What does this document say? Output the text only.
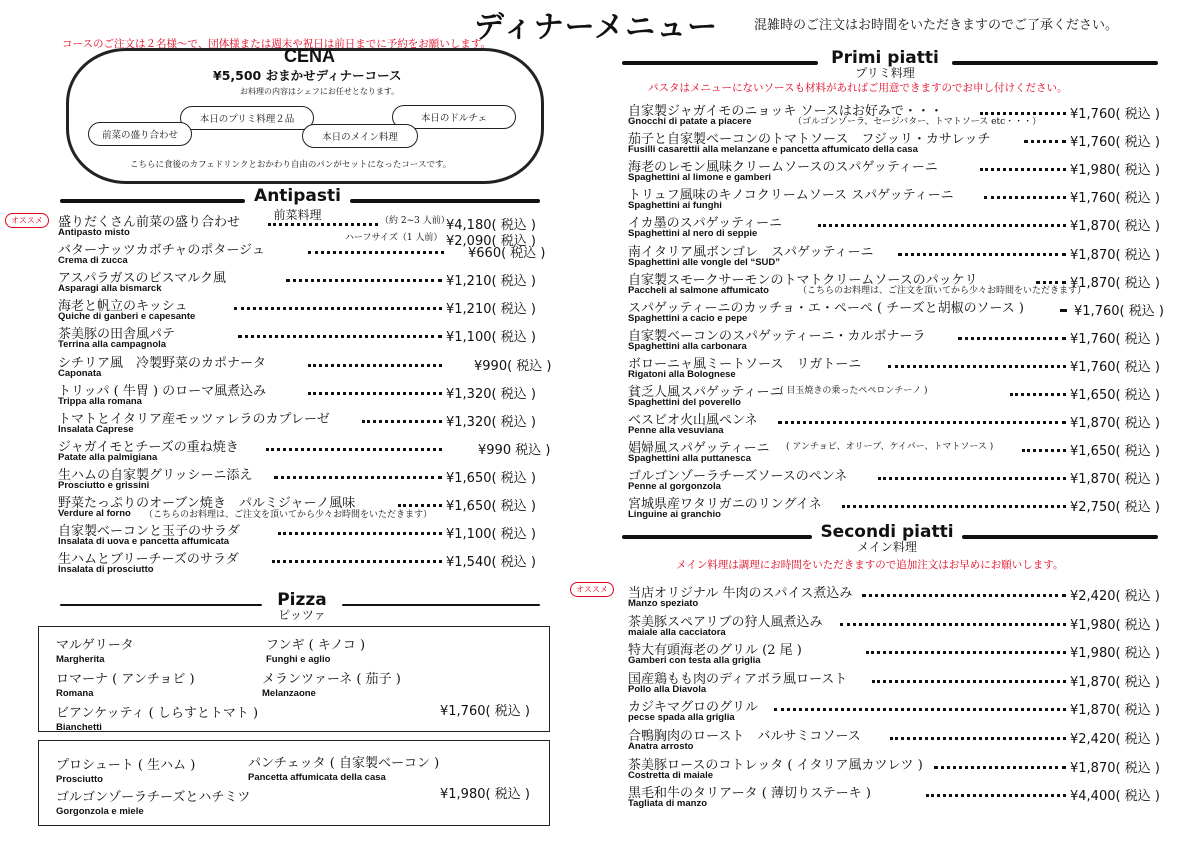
ディナーメニュー	混雑時のご注文はお時間をいただきますのでご了承ください。
コースのご注文は２名様〜で、団体様または週末や祝日は前日までに予約をお願いします。
CENA
¥5,500 おまかせディナーコース
お料理の内容はシェフにお任せとなります。
本日のプリミ料理２品	本日のドルチェ
前菜の盛り合わせ	本日のメイン料理
こちらに食後のカフェドリンクとおかわり自由のパンがセットになったコースです。
Antipasti
前菜料理
オススメ	盛りだくさん前菜の盛り合わせ
Antipasto misto	¥4,180( 税込 )
（約 2~3 人前）
ハーフサイズ（1 人前） ¥2,090( 税込 )
バターナッツカボチャのポタージュ
Crema di zucca	¥660( 税込 )
アスパラガスのビスマルク風
Asparagi alla bismarck	¥1,210( 税込 )
海老と帆立のキッシュ
Quiche di ganberi e capesante	¥1,210( 税込 )
茶美豚の田舎風パテ
Terrina alla campagnola	¥1,100( 税込 )
シチリア風　冷製野菜のカポナータ
Caponata	¥990( 税込 )
トリッパ ( 牛胃 ) のローマ風煮込み
Trippa alla romana	¥1,320( 税込 )
トマトとイタリア産モッツァレラのカプレーゼ
Insalata Caprese	¥1,320( 税込 )
ジャガイモとチーズの重ね焼き
Patate alla palmigiana	¥990 税込 )
生ハムの自家製グリッシーニ添え
Prosciutto e grissini	¥1,650( 税込 )
野菜たっぷりのオーブン焼き　パルミジャーノ風味
Verdure al forno	¥1,650( 税込 )
（こちらのお料理は、ご注文を頂いてから少々お時間をいただきます）
自家製ベーコンと玉子のサラダ
Insalata di uova e pancetta affumicata	¥1,100( 税込 )
生ハムとブリーチーズのサラダ
Insalata di prosciutto	¥1,540( 税込 )
Pizza
ピッツァ
マルゲリータ
Margherita
フンギ ( キノコ )
Funghi e aglio
ロマーナ ( アンチョビ )
Romana
メランツァーネ ( 茄子 )
Melanzaone
ビアンケッティ ( しらすとトマト )
Bianchetti
¥1,760( 税込 )
プロシュート ( 生ハム )
Prosciutto
パンチェッタ ( 自家製ベーコン )
Pancetta affumicata della casa
ゴルゴンゾーラチーズとハチミツ
Gorgonzola e miele
¥1,980( 税込 )
Primi piatti
プリミ料理
パスタはメニューにないソースも材料があればご用意できますのでお申し付けください。
自家製ジャガイモのニョッキ ソースはお好みで・・・
Gnocchi di patate a piacere	¥1,760( 税込 )
（ゴルゴンゾーラ、セージバター、トマトソース etc・・・）
茄子と自家製ベーコンのトマトソース　フジッリ・カサレッチ
Fusilli casarettii alla melanzane e pancetta affumicato della casa	¥1,760( 税込 )
海老のレモン風味クリームソースのスパゲッティーニ
Spaghettini al limone e gamberi	¥1,980( 税込 )
トリュフ風味のキノコクリームソース スパゲッティーニ
Spaghettini ai funghi	¥1,760( 税込 )
イカ墨のスパゲッティーニ
Spaghettini al nero di seppie	¥1,870( 税込 )
南イタリア風ボンゴレ　スパゲッティーニ
Spaghettini alle vongle del “SUD”	¥1,870( 税込 )
自家製スモークサーモンのトマトクリームソースのパッケリ
Paccheli al salmone affumicato	¥1,870( 税込 )
（こちらのお料理は、ご注文を頂いてから少々お時間をいただきます）
スパゲッティーニのカッチョ・エ・ペーペ ( チーズと胡椒のソース )
Spaghettini a cacio e pepe	¥1,760( 税込 )
自家製ベーコンのスパゲッティーニ・カルボナーラ
Spaghettini alla carbonara	¥1,760( 税込 )
ボローニャ風ミートソース　リガトーニ
Rigatoni alla Bolognese	¥1,760( 税込 )
貧乏人風スパゲッティーニ
Spaghettini del poverello	¥1,650( 税込 )
( 目玉焼きの乗ったペペロンチーノ )
ベスビオ火山風ペンネ
Penne alla vesuviana	¥1,870( 税込 )
娼婦風スパゲッティーニ
Spaghettini alla puttanesca	¥1,650( 税込 )
( アンチョビ、オリーブ、ケイパー、トマトソース )
ゴルゴンゾーラチーズソースのペンネ
Penne al gorgonzola	¥1,870( 税込 )
宮城県産ワタリガニのリングイネ
Linguine ai granchio	¥2,750( 税込 )
Secondi piatti
メイン料理
メイン料理は調理にお時間をいただきますので追加注文はお早めにお願いします。
オススメ	当店オリジナル 牛肉のスパイス煮込み
Manzo speziato	¥2,420( 税込 )
茶美豚スペアリブの狩人風煮込み
maiale alla cacciatora	¥1,980( 税込 )
特大有頭海老のグリル (2 尾 )
Gamberi con testa alla griglia	¥1,980( 税込 )
国産鶏もも肉のディアボラ風ロースト
Pollo alla Diavola	¥1,870( 税込 )
カジキマグロのグリル
pecse spada alla griglia	¥1,870( 税込 )
合鴨胸肉のロースト　バルサミコソース
Anatra arrosto	¥2,420( 税込 )
茶美豚ロースのコトレッタ ( イタリア風カツレツ )
Costretta di maiale	¥1,870( 税込 )
黒毛和牛のタリアータ ( 薄切りステーキ )
Tagliata di manzo	¥4,400( 税込 )
